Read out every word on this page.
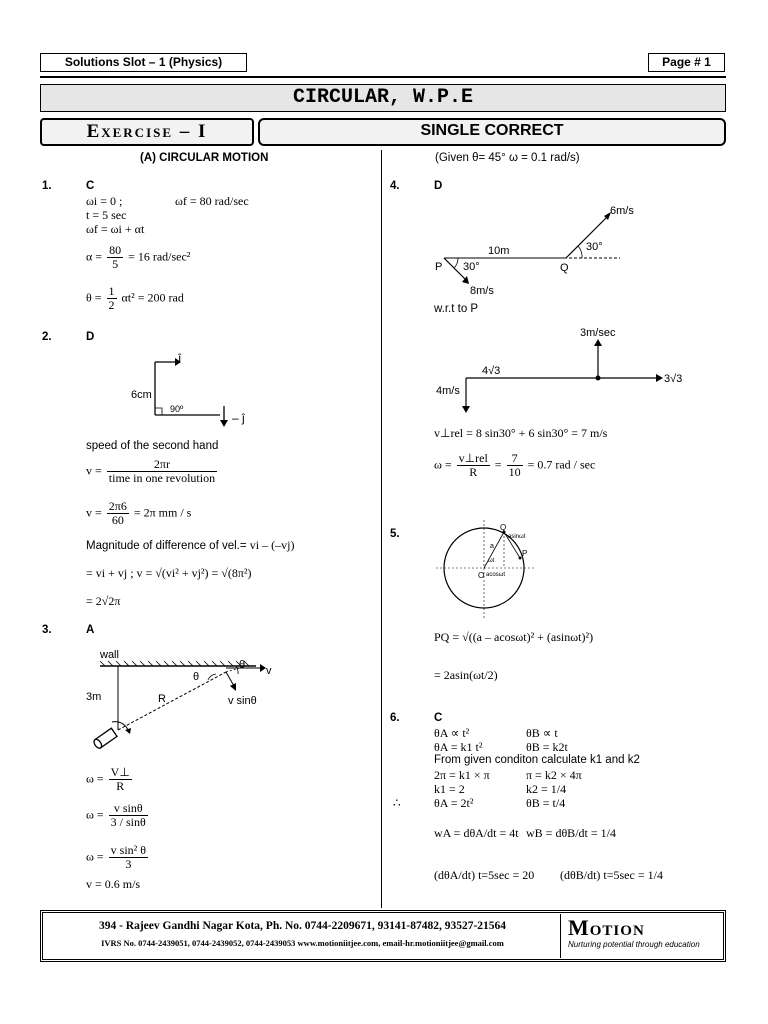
Solutions Slot – 1 (Physics)	Page # 1
CIRCULAR, W.P.E
Exercise – I	SINGLE CORRECT
(A) CIRCULAR MOTION
1.	C
ωi = 0 ;	ωf = 80 rad/sec
t = 5 sec
ωf = ωi + αt
$\alpha = \frac{80}{5} = 16$ rad/sec²
$\theta = \frac{1}{2} \alpha t^2 = 200$ rad
2.	D
î
– ĵ
6cm
90º
speed of the second hand
$v = \frac{2\pi r}{\text{time in one revolution}}$
$v = \frac{2\pi 6}{60} = 2\pi$ mm / s
Magnitude of difference of vel.= vi – (–vj)
= vi + vj ; v = √(vi² + vj²) = √(8π²)
= 2√2π
3.	A
wall
θ
θ	v
v sinθ
3m	R
$\omega = \frac{V\perp}{R}$
$\omega = \frac{\text{v sinθ}}{3 / \sin\theta}$
$\omega = \frac{\text{v sin² θ}}{3}$
v = 0.6 m/s
(Given θ= 45° ω = 0.1 rad/s)
4.	D
6m/s
10m	30°
30°
P	Q
8m/s
w.r.t to P
3m/sec
4m/s
4√3
3√3
v⊥rel = 8 sin30° + 6 sin30° = 7 m/s
$\omega = \frac{\text{v⊥rel}}{R} = \frac{7}{10} = 0.7$ rad / sec
5.
Q
P
a
asinωt
acosωt
O
ωt
PQ = √((a – acosωt)² + (asinωt)²)
= 2asin(ωt/2)
6.	C
θA ∝ t²	θB ∝ t
θA = k1 t²	θB = k2t
From given conditon calculate k1 and k2
2π = k1 × π	π = k2 × 4π
k1 = 2	k2 = 1/4
∴	θA = 2t²	θB = t/4
wA = dθA/dt = 4t wB = dθB/dt = 1/4
(dθA/dt) t=5sec = 20 (dθB/dt) t=5sec = 1/4
394 - Rajeev Gandhi Nagar Kota, Ph. No. 0744-2209671, 93141-87482, 93527-21564
IVRS No. 0744-2439051, 0744-2439052, 0744-2439053 www.motioniitjee.com, email-hr.motioniitjee@gmail.com
Motion
Nurturing potential through education
